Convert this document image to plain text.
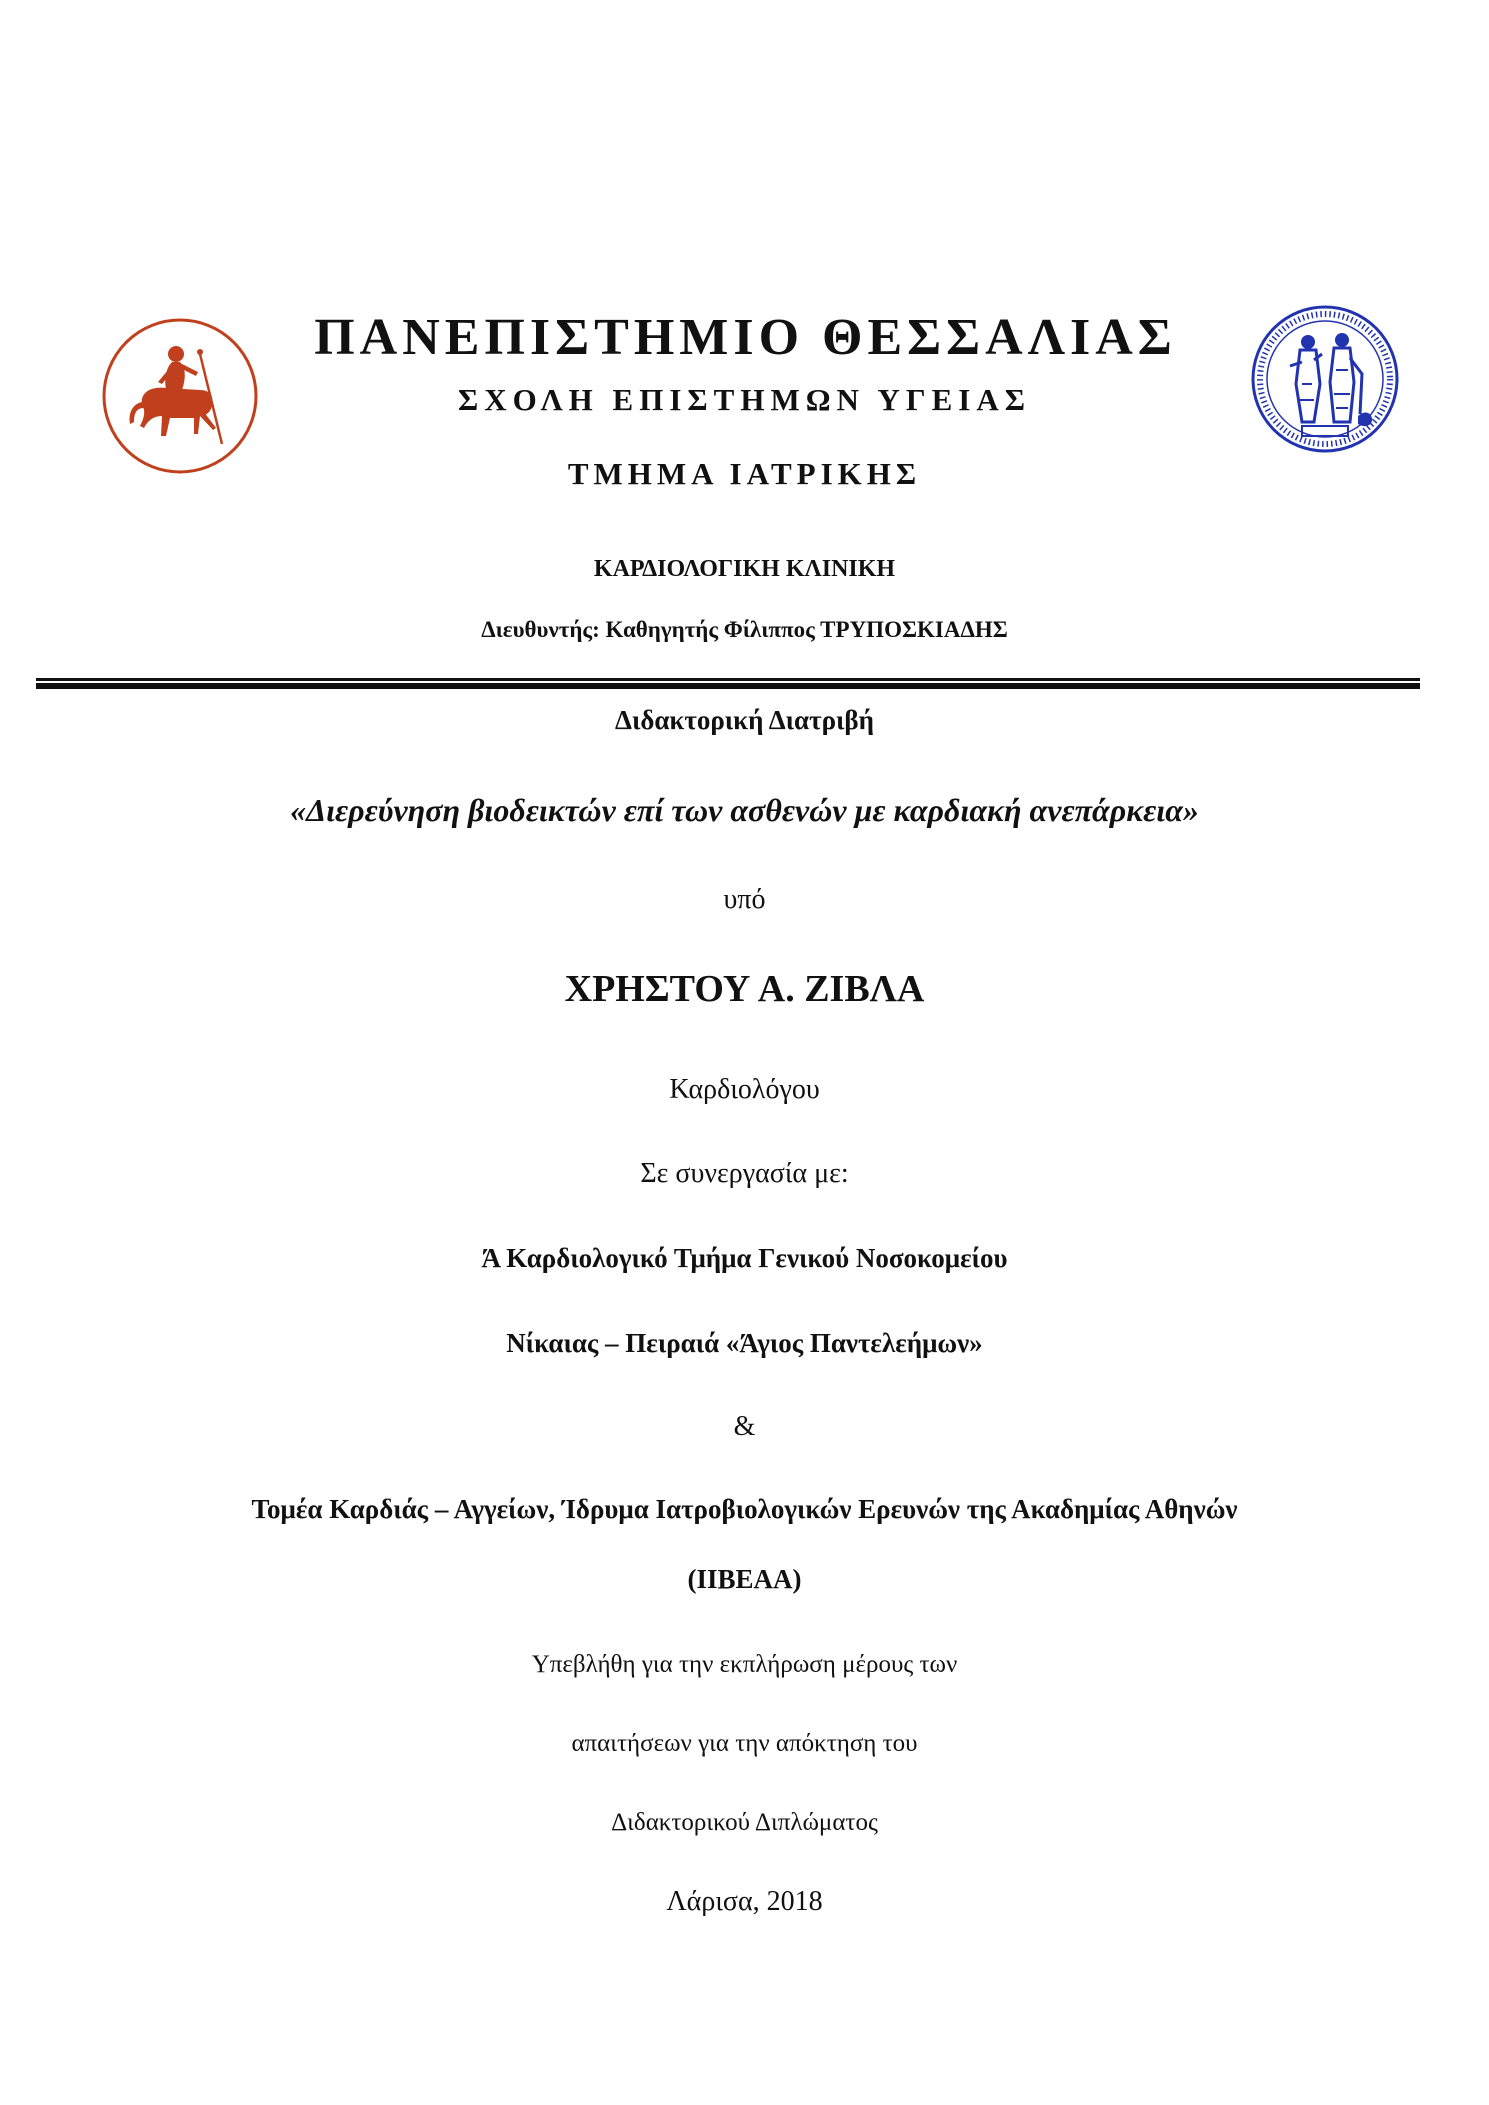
ΠΑΝΕΠΙΣΤΗΜΙΟ ΘΕΣΣΑΛΙΑΣ
ΣΧΟΛΗ ΕΠΙΣΤΗΜΩΝ ΥΓΕΙΑΣ
ΤΜΗΜΑ ΙΑΤΡΙΚΗΣ
ΚΑΡΔΙΟΛΟΓΙΚΗ ΚΛΙΝΙΚΗ
Διευθυντής: Καθηγητής Φίλιππος ΤΡΥΠΟΣΚΙΑΔΗΣ
Διδακτορική Διατριβή
«Διερεύνηση βιοδεικτών επί των ασθενών με καρδιακή ανεπάρκεια»
υπό
ΧΡΗΣΤΟΥ Α. ΖΙΒΛΑ
Καρδιολόγου
Σε συνεργασία με:
Ά Καρδιολογικό Τμήμα Γενικού Νοσοκομείου
Νίκαιας – Πειραιά «Άγιος Παντελεήμων»
&
Τομέα Καρδιάς – Αγγείων, Ίδρυμα Ιατροβιολογικών Ερευνών της Ακαδημίας Αθηνών
(ΙΙΒΕΑΑ)
Υπεβλήθη για την εκπλήρωση μέρους των
απαιτήσεων για την απόκτηση του
Διδακτορικού Διπλώματος
Λάρισα, 2018
